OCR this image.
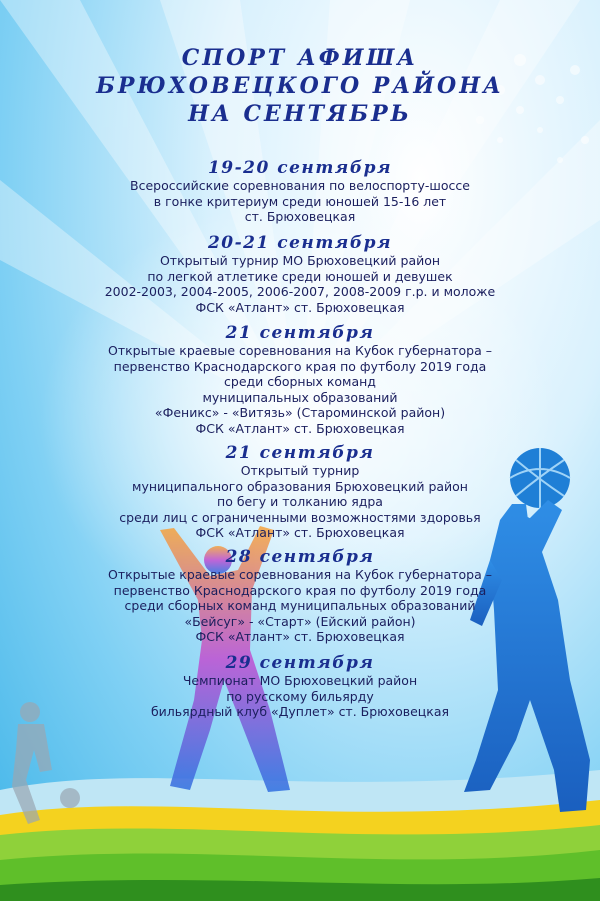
СПОРТ АФИША
БРЮХОВЕЦКОГО РАЙОНА
НА СЕНТЯБРЬ
19-20 сентября
Всероссийские соревнования по велоспорту-шоссе
в гонке критериум среди юношей 15-16 лет
ст. Брюховецкая
20-21 сентября
Открытый турнир МО Брюховецкий район
по легкой атлетике среди юношей и девушек
2002-2003, 2004-2005, 2006-2007, 2008-2009 г.р. и моложе
ФСК «Атлант» ст. Брюховецкая
21 сентября
Открытые краевые соревнования на Кубок губернатора –
первенство Краснодарского края по футболу 2019 года
среди сборных команд
муниципальных образований
«Феникс» - «Витязь» (Староминской район)
ФСК «Атлант» ст. Брюховецкая
21 сентября
Открытый турнир
муниципального образования Брюховецкий район
по бегу и толканию ядра
среди лиц с ограниченными возможностями здоровья
ФСК «Атлант» ст. Брюховецкая
28 сентября
Открытые краевые соревнования на Кубок губернатора –
первенство Краснодарского края по футболу 2019 года
среди сборных команд муниципальных образований
«Бейсуг» - «Старт» (Ейский район)
ФСК «Атлант» ст. Брюховецкая
29 сентября
Чемпионат МО Брюховецкий район
по русскому бильярду
бильярдный клуб «Дуплет» ст. Брюховецкая
